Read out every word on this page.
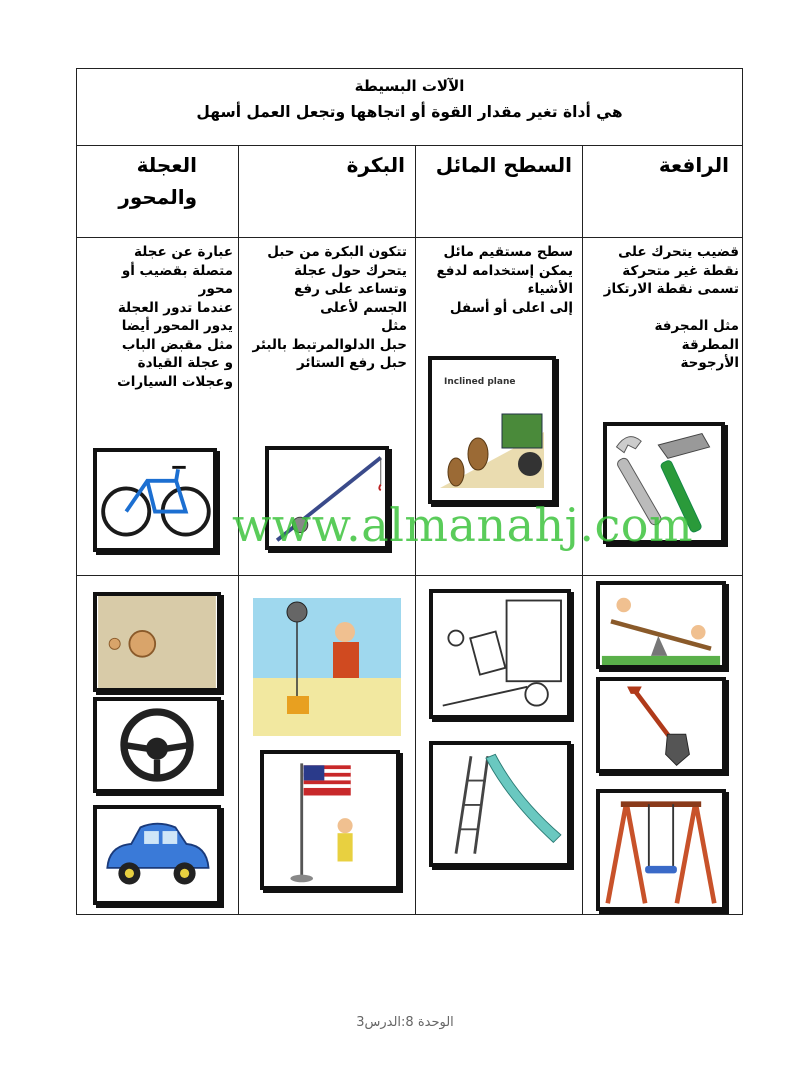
الآلات البسيطة
هي أداة تغير مقدار القوة أو اتجاهها وتجعل العمل أسهل
الرافعة
السطح المائل
البكرة
العجلة
والمحور
قضيب يتحرك على
نقطة غير متحركة
تسمى نقطة الارتكاز

مثل المجرفة
المطرقة
الأرجوحة
سطح مستقيم مائل
يمكن إستخدامه لدفع
الأشياء
إلى اعلى أو أسفل
تتكون البكرة من حبل
يتحرك حول عجلة
وتساعد على رفع
الجسم لأعلى
مثل
حبل الدلوالمرتبط بالبئر
حبل رفع الستائر
عبارة عن عجلة
متصلة بقضيب أو
محور
عندما تدور العجلة
يدور المحور أيضا
مثل مقبض الباب
و عجلة القيادة
وعجلات السيارات	Inclined plane
www.almanahj.com
الوحدة 8:الدرس3
